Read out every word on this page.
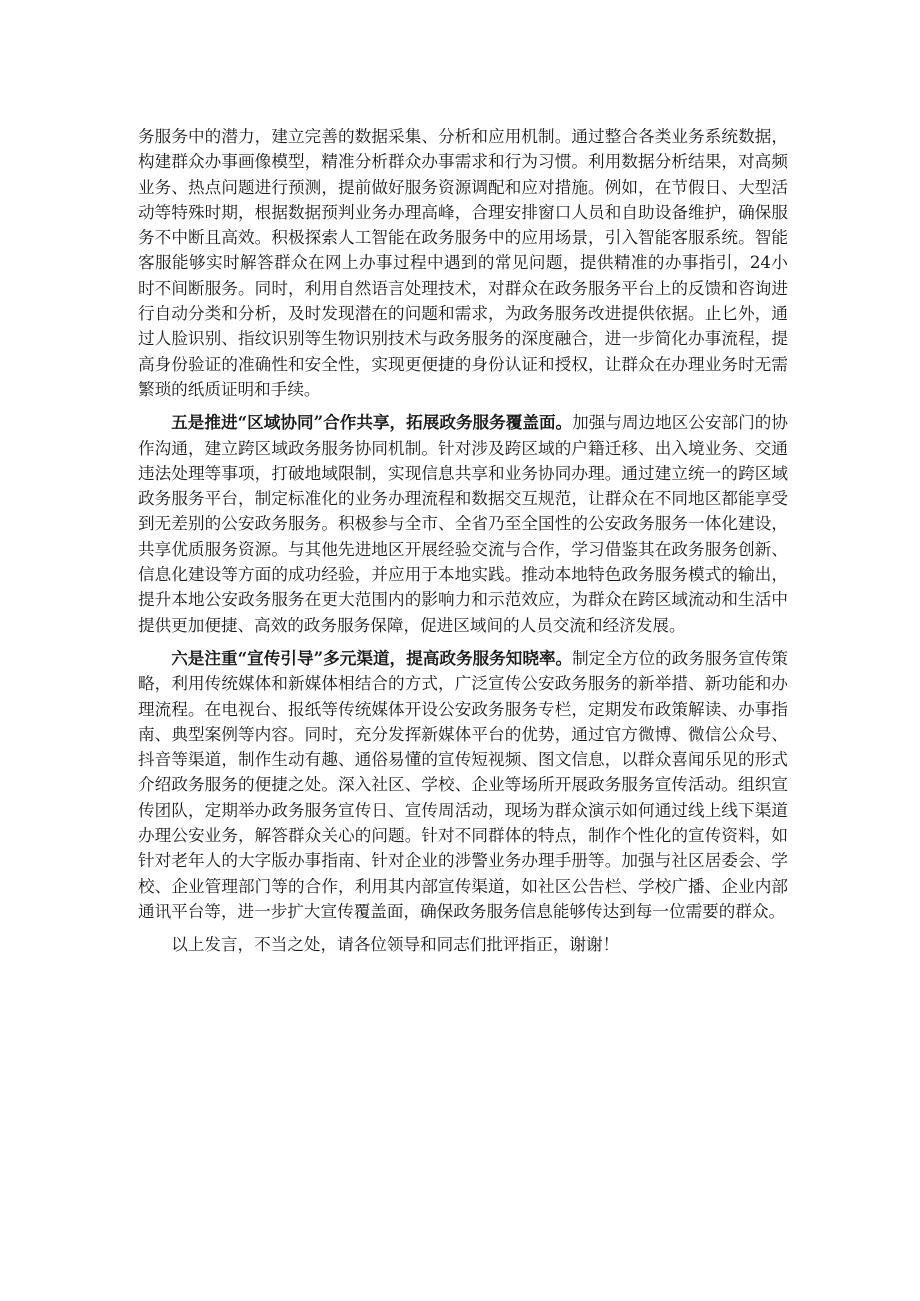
务服务中的潜力，建立完善的数据采集、分析和应用机制。通过整合各类业务系统数据，构建群众办事画像模型，精准分析群众办事需求和行为习惯。利用数据分析结果，对高频业务、热点问题进行预测，提前做好服务资源调配和应对措施。例如，在节假日、大型活动等特殊时期，根据数据预判业务办理高峰，合理安排窗口人员和自助设备维护，确保服务不中断且高效。积极探索人工智能在政务服务中的应用场景，引入智能客服系统。智能客服能够实时解答群众在网上办事过程中遇到的常见问题，提供精准的办事指引，24小时不间断服务。同时，利用自然语言处理技术，对群众在政务服务平台上的反馈和咨询进行自动分类和分析，及时发现潜在的问题和需求，为政务服务改进提供依据。止匕外，通过人脸识别、指纹识别等生物识别技术与政务服务的深度融合，进一步简化办事流程，提高身份验证的准确性和安全性，实现更便捷的身份认证和授权，让群众在办理业务时无需繁琐的纸质证明和手续。

五是推进“区域协同”合作共享，拓展政务服务覆盖面。加强与周边地区公安部门的协作沟通，建立跨区域政务服务协同机制。针对涉及跨区域的户籍迁移、出入境业务、交通违法处理等事项，打破地域限制，实现信息共享和业务协同办理。通过建立统一的跨区域政务服务平台，制定标准化的业务办理流程和数据交互规范，让群众在不同地区都能享受到无差别的公安政务服务。积极参与全市、全省乃至全国性的公安政务服务一体化建设，共享优质服务资源。与其他先进地区开展经验交流与合作，学习借鉴其在政务服务创新、信息化建设等方面的成功经验，并应用于本地实践。推动本地特色政务服务模式的输出，提升本地公安政务服务在更大范围内的影响力和示范效应，为群众在跨区域流动和生活中提供更加便捷、高效的政务服务保障，促进区域间的人员交流和经济发展。

六是注重“宣传引导”多元渠道，提高政务服务知晓率。制定全方位的政务服务宣传策略，利用传统媒体和新媒体相结合的方式，广泛宣传公安政务服务的新举措、新功能和办理流程。在电视台、报纸等传统媒体开设公安政务服务专栏，定期发布政策解读、办事指南、典型案例等内容。同时，充分发挥新媒体平台的优势，通过官方微博、微信公众号、抖音等渠道，制作生动有趣、通俗易懂的宣传短视频、图文信息，以群众喜闻乐见的形式介绍政务服务的便捷之处。深入社区、学校、企业等场所开展政务服务宣传活动。组织宣传团队，定期举办政务服务宣传日、宣传周活动，现场为群众演示如何通过线上线下渠道办理公安业务，解答群众关心的问题。针对不同群体的特点，制作个性化的宣传资料，如针对老年人的大字版办事指南、针对企业的涉警业务办理手册等。加强与社区居委会、学校、企业管理部门等的合作，利用其内部宣传渠道，如社区公告栏、学校广播、企业内部通讯平台等，进一步扩大宣传覆盖面，确保政务服务信息能够传达到每一位需要的群众。

以上发言，不当之处，请各位领导和同志们批评指正，谢谢！
